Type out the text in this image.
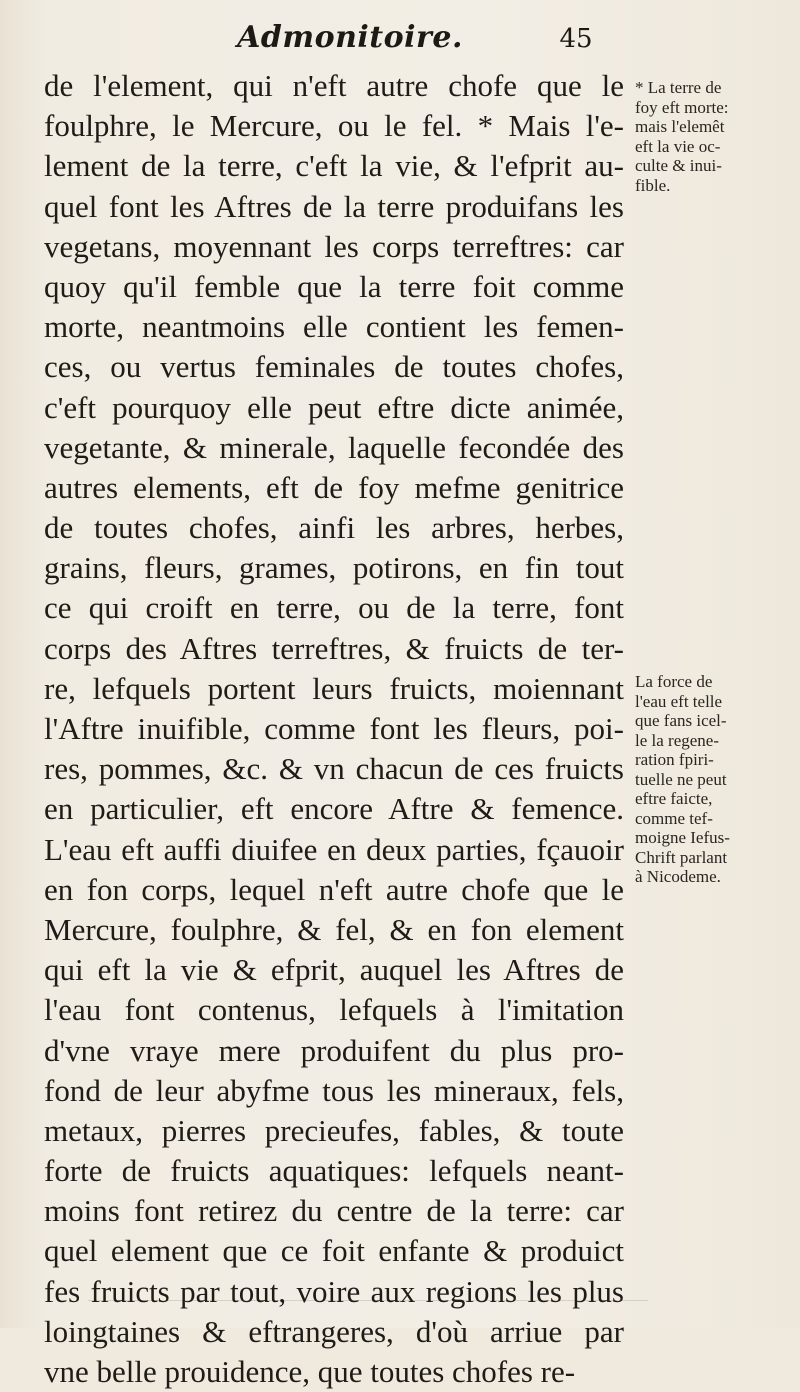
Admonitoire.	45
de l'element, qui n'eft autre chofe que le
foulphre, le Mercure, ou le fel. * Mais l'e-
lement de la terre, c'eft la vie, & l'efprit au-
quel font les Aftres de la terre produifans les
vegetans, moyennant les corps terreftres: car
quoy qu'il femble que la terre foit comme
morte, neantmoins elle contient les femen-
ces, ou vertus feminales de toutes chofes,
c'eft pourquoy elle peut eftre dicte animée,
vegetante, & minerale, laquelle fecondée des
autres elements, eft de foy mefme genitrice
de toutes chofes, ainfi les arbres, herbes,
grains, fleurs, grames, potirons, en fin tout
ce qui croift en terre, ou de la terre, font
corps des Aftres terreftres, & fruicts de ter-
re, lefquels portent leurs fruicts, moiennant
l'Aftre inuifible, comme font les fleurs, poi-
res, pommes, &c. & vn chacun de ces fruicts
en particulier, eft encore Aftre & femence.
L'eau eft auffi diuifee en deux parties, fçauoir
en fon corps, lequel n'eft autre chofe que le
Mercure, foulphre, & fel, & en fon element
qui eft la vie & efprit, auquel les Aftres de
l'eau font contenus, lefquels à l'imitation
d'vne vraye mere produifent du plus pro-
fond de leur abyfme tous les mineraux, fels,
metaux, pierres precieufes, fables, & toute
forte de fruicts aquatiques: lefquels neant-
moins font retirez du centre de la terre: car
quel element que ce foit enfante & produict
fes fruicts par tout, voire aux regions les plus
loingtaines & eftrangeres, d'où arriue par
vne belle prouidence, que toutes chofes re-
* La terre de
foy eft morte:
mais l'elemêt
eft la vie oc-
culte & inui-
fible.
La force de
l'eau eft telle
que fans icel-
le la regene-
ration fpiri-
tuelle ne peut
eftre faicte,
comme tef-
moigne Iefus-
Chrift parlant
à Nicodeme.
